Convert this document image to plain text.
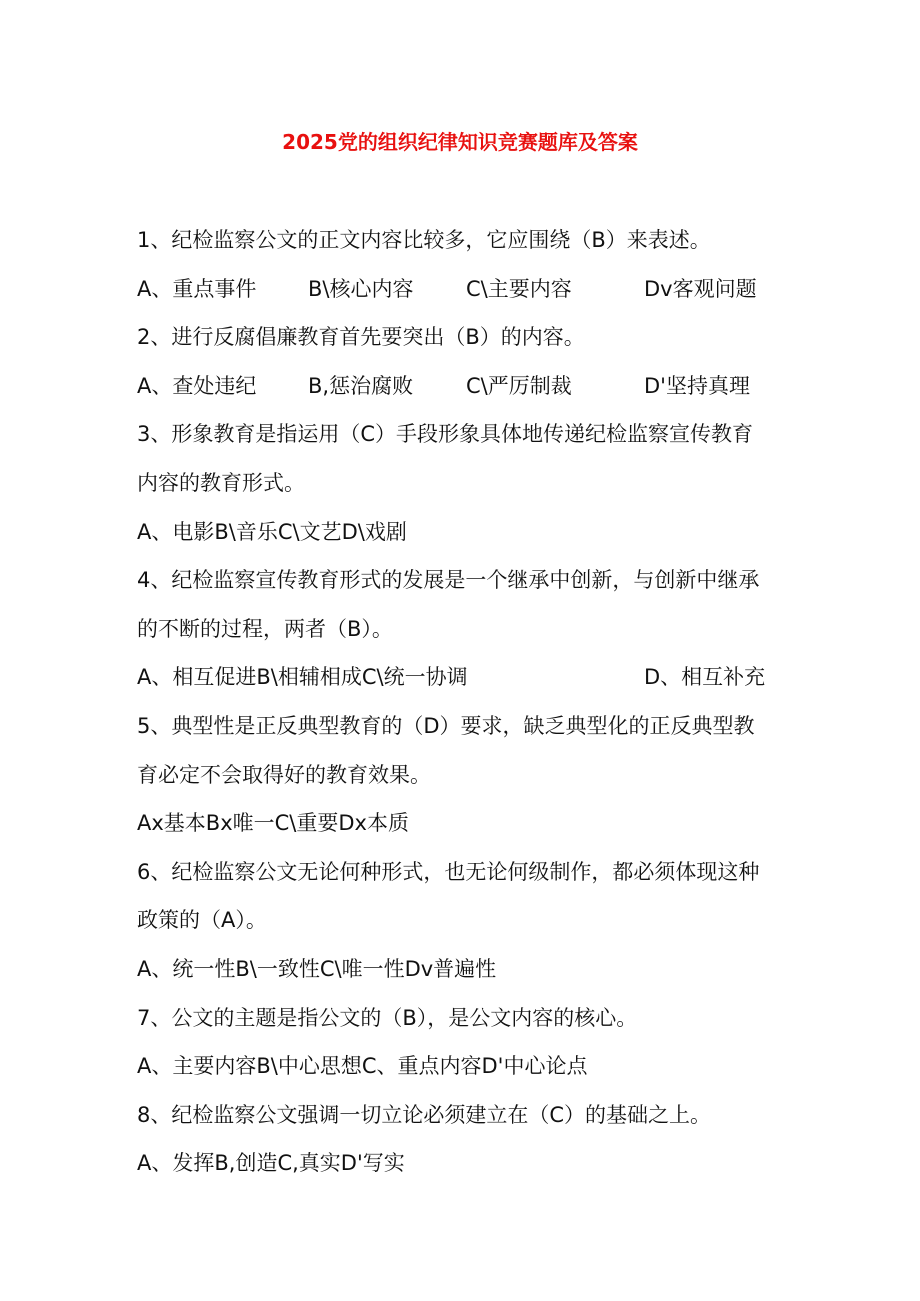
2025党的组织纪律知识竞赛题库及答案
1、纪检监察公文的正文内容比较多，它应围绕（B）来表述。
A、重点事件	B\核心内容	C\主要内容	Dv客观问题
2、进行反腐倡廉教育首先要突出（B）的内容。
A、查处违纪	B,惩治腐败	C\严厉制裁	D'坚持真理
3、形象教育是指运用（C）手段形象具体地传递纪检监察宣传教育
内容的教育形式。
A、电影B\音乐C\文艺D\戏剧
4、纪检监察宣传教育形式的发展是一个继承中创新，与创新中继承
的不断的过程，两者（B）。
A、相互促进B\相辅相成C\统一协调	D、相互补充
5、典型性是正反典型教育的（D）要求，缺乏典型化的正反典型教
育必定不会取得好的教育效果。
Ax基本Bx唯一C\重要Dx本质
6、纪检监察公文无论何种形式，也无论何级制作，都必须体现这种
政策的（A）。
A、统一性B\一致性C\唯一性Dv普遍性
7、公文的主题是指公文的（B），是公文内容的核心。
A、主要内容B\中心思想C、重点内容D'中心论点
8、纪检监察公文强调一切立论必须建立在（C）的基础之上。
A、发挥B,创造C,真实D'写实
